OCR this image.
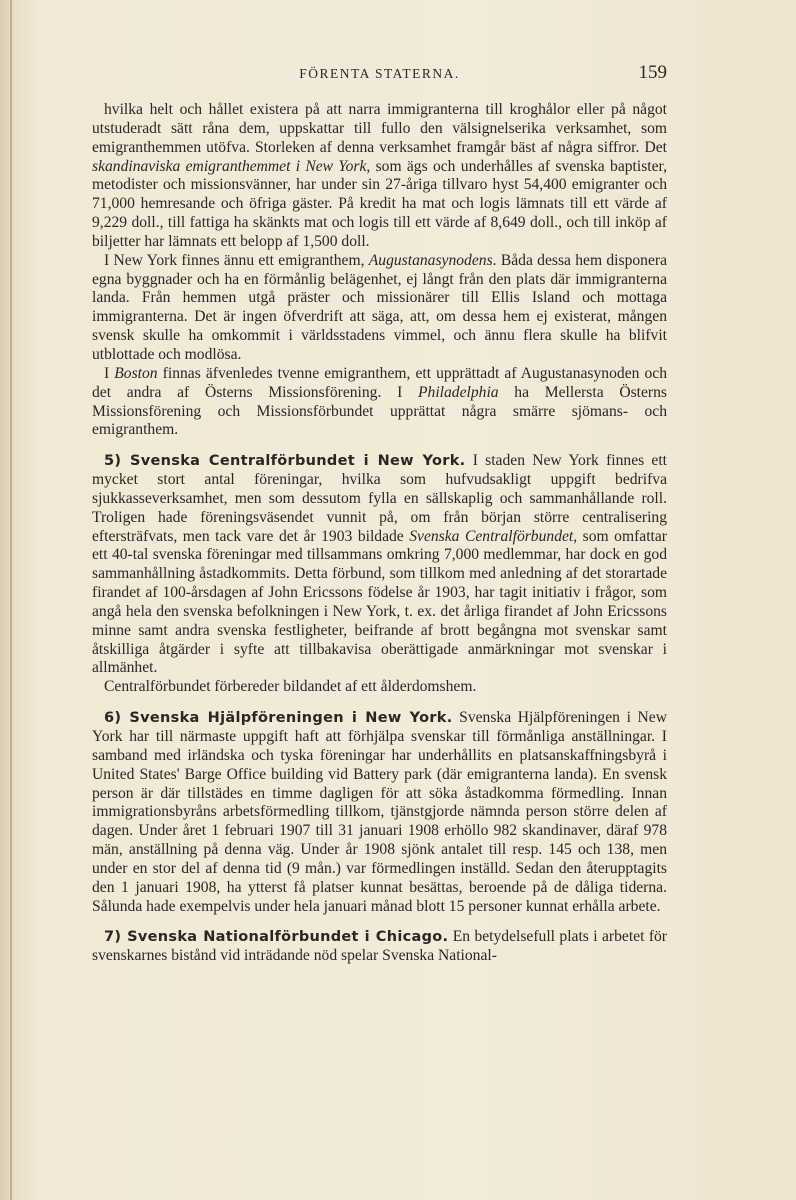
FÖRENTA STATERNA.	159

hvilka helt och hållet existera på att narra immigranterna till kroghålor eller på något utstuderadt sätt råna dem, uppskattar till fullo den välsignelserika verksamhet, som emigranthemmen utöfva. Storleken af denna verksamhet framgår bäst af några siffror. Det skandinaviska emigranthemmet i New York, som ägs och underhålles af svenska baptister, metodister och missionsvänner, har under sin 27-åriga tillvaro hyst 54,400 emigranter och 71,000 hemresande och öfriga gäster. På kredit ha mat och logis lämnats till ett värde af 9,229 doll., till fattiga ha skänkts mat och logis till ett värde af 8,649 doll., och till inköp af biljetter har lämnats ett belopp af 1,500 doll.

I New York finnes ännu ett emigranthem, Augustanasynodens. Båda dessa hem disponera egna byggnader och ha en förmånlig belägenhet, ej långt från den plats där immigranterna landa. Från hemmen utgå präster och missionärer till Ellis Island och mottaga immigranterna. Det är ingen öfverdrift att säga, att, om dessa hem ej existerat, mången svensk skulle ha omkommit i världsstadens vimmel, och ännu flera skulle ha blifvit utblottade och modlösa.

I Boston finnas äfvenledes tvenne emigranthem, ett upprättadt af Augustanasynoden och det andra af Österns Missionsförening. I Philadelphia ha Mellersta Österns Missionsförening och Missionsförbundet upprättat några smärre sjömans- och emigranthem.

5) Svenska Centralförbundet i New York. I staden New York finnes ett mycket stort antal föreningar, hvilka som hufvudsakligt uppgift bedrifva sjukkasseverksamhet, men som dessutom fylla en sällskaplig och sammanhållande roll. Troligen hade föreningsväsendet vunnit på, om från början större centralisering eftersträfvats, men tack vare det år 1903 bildade Svenska Centralförbundet, som omfattar ett 40-tal svenska föreningar med tillsammans omkring 7,000 medlemmar, har dock en god sammanhållning åstadkommits. Detta förbund, som tillkom med anledning af det storartade firandet af 100-årsdagen af John Ericssons födelse år 1903, har tagit initiativ i frågor, som angå hela den svenska befolkningen i New York, t. ex. det årliga firandet af John Ericssons minne samt andra svenska festligheter, beifrande af brott begångna mot svenskar samt åtskilliga åtgärder i syfte att tillbakavisa oberättigade anmärkningar mot svenskar i allmänhet.

Centralförbundet förbereder bildandet af ett ålderdomshem.

6) Svenska Hjälpföreningen i New York. Svenska Hjälpföreningen i New York har till närmaste uppgift haft att förhjälpa svenskar till förmånliga anställningar. I samband med irländska och tyska föreningar har underhållits en platsanskaffningsbyrå i United States' Barge Office building vid Battery park (där emigranterna landa). En svensk person är där tillstädes en timme dagligen för att söka åstadkomma förmedling. Innan immigrationsbyråns arbetsförmedling tillkom, tjänstgjorde nämnda person större delen af dagen. Under året 1 februari 1907 till 31 januari 1908 erhöllo 982 skandinaver, däraf 978 män, anställning på denna väg. Under år 1908 sjönk antalet till resp. 145 och 138, men under en stor del af denna tid (9 mån.) var förmedlingen inställd. Sedan den återupptagits den 1 januari 1908, ha ytterst få platser kunnat besättas, beroende på de dåliga tiderna. Sålunda hade exempelvis under hela januari månad blott 15 personer kunnat erhålla arbete.

7) Svenska Nationalförbundet i Chicago. En betydelsefull plats i arbetet för svenskarnes bistånd vid inträdande nöd spelar Svenska National-
